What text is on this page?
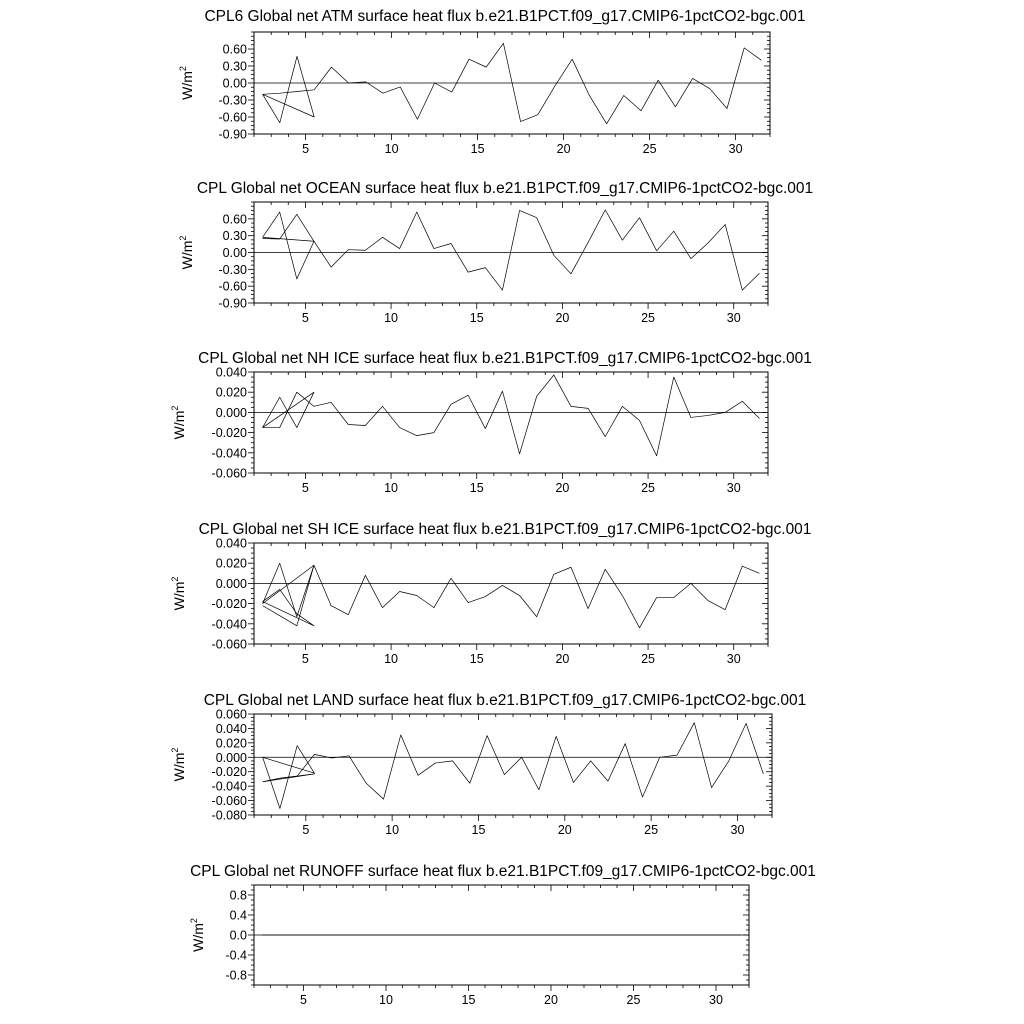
CPL6 Global net ATM surface heat flux b.e21.B1PCT.f09_g17.CMIP6-1pctCO2-bgc.001
$W/m^2$
5	10	15	20	25	30
-0.90
-0.60
-0.30
0.00
0.30
0.60
CPL Global net OCEAN surface heat flux b.e21.B1PCT.f09_g17.CMIP6-1pctCO2-bgc.001
$W/m^2$
5	10	15	20	25	30
-0.90
-0.60
-0.30
0.00
0.30
0.60
CPL Global net NH ICE surface heat flux b.e21.B1PCT.f09_g17.CMIP6-1pctCO2-bgc.001
$W/m^2$
5	10	15	20	25	30
-0.060
-0.040
-0.020
0.000
0.020
0.040
CPL Global net SH ICE surface heat flux b.e21.B1PCT.f09_g17.CMIP6-1pctCO2-bgc.001
$W/m^2$
5	10	15	20	25	30
-0.060
-0.040
-0.020
0.000
0.020
0.040
CPL Global net LAND surface heat flux b.e21.B1PCT.f09_g17.CMIP6-1pctCO2-bgc.001
$W/m^2$
5	10	15	20	25	30
-0.080
-0.060
-0.040
-0.020
0.000
0.020
0.040
0.060
CPL Global net RUNOFF surface heat flux b.e21.B1PCT.f09_g17.CMIP6-1pctCO2-bgc.001
$W/m^2$
5	10	15	20	25	30
-0.8
-0.4
0.0
0.4
0.8
